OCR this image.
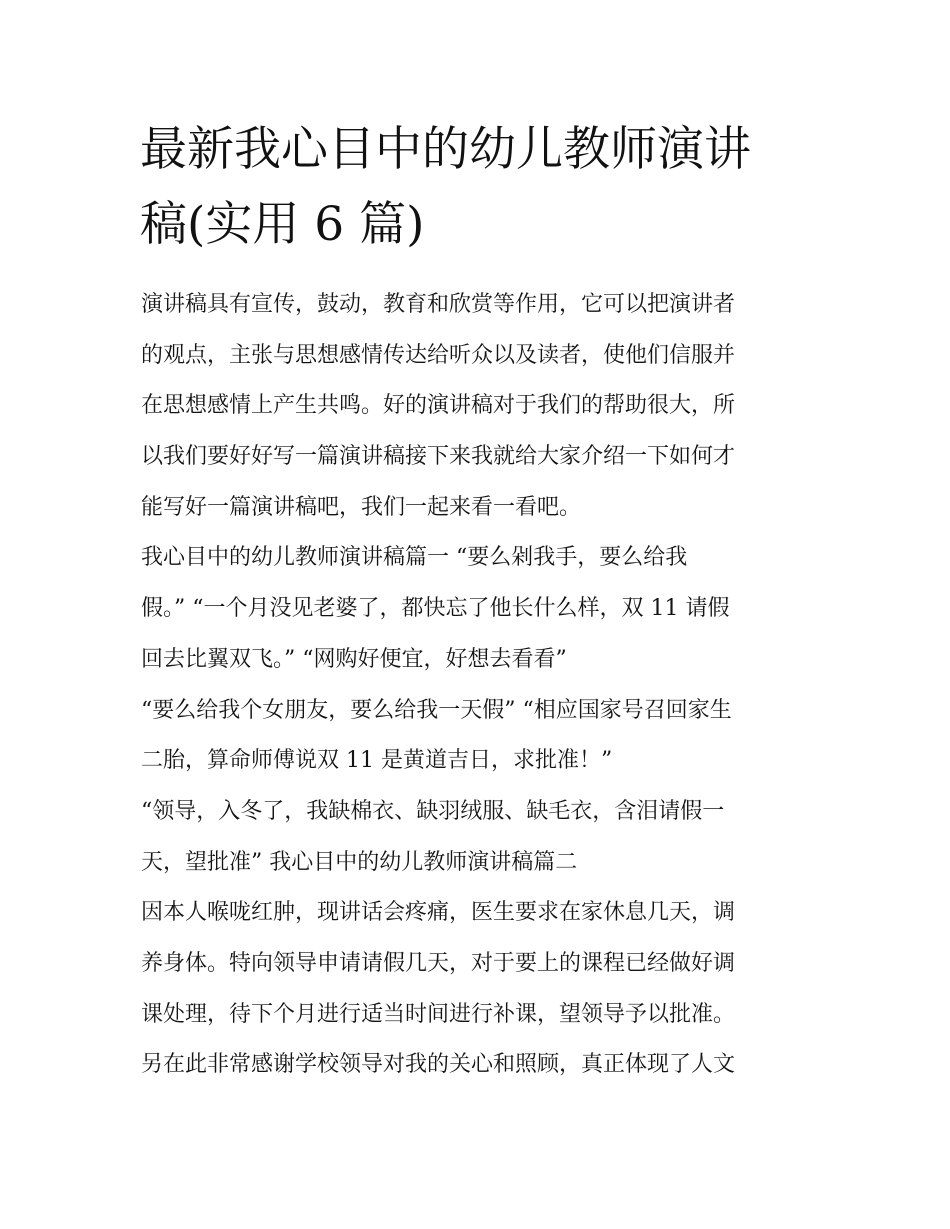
最新我心目中的幼儿教师演讲
稿(实用 6 篇)
演讲稿具有宣传，鼓动，教育和欣赏等作用，它可以把演讲者
的观点，主张与思想感情传达给听众以及读者，使他们信服并
在思想感情上产生共鸣。好的演讲稿对于我们的帮助很大，所
以我们要好好写一篇演讲稿接下来我就给大家介绍一下如何才
能写好一篇演讲稿吧，我们一起来看一看吧。
我心目中的幼儿教师演讲稿篇一 “要么剁我手，要么给我
假。” “一个月没见老婆了，都快忘了他长什么样，双 11 请假
回去比翼双飞。” “网购好便宜，好想去看看”
“要么给我个女朋友，要么给我一天假” “相应国家号召回家生
二胎，算命师傅说双 11 是黄道吉日，求批准！”
“领导，入冬了，我缺棉衣、缺羽绒服、缺毛衣，含泪请假一
天，望批准” 我心目中的幼儿教师演讲稿篇二
因本人喉咙红肿，现讲话会疼痛，医生要求在家休息几天，调
养身体。特向领导申请请假几天，对于要上的课程已经做好调
课处理，待下个月进行适当时间进行补课，望领导予以批准。
另在此非常感谢学校领导对我的关心和照顾，真正体现了人文
